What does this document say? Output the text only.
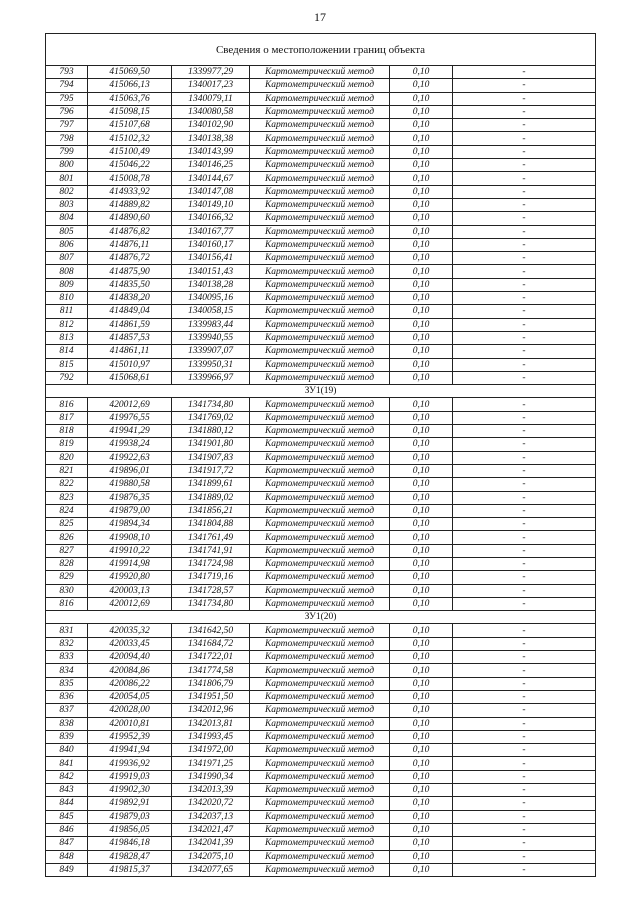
17
Сведения о местоположении границ объекта					
793	415069,50	1339977,29	Картометрический метод	0,10	-
794	415066,13	1340017,23	Картометрический метод	0,10	-
795	415063,76	1340079,11	Картометрический метод	0,10	-
796	415098,15	1340080,58	Картометрический метод	0,10	-
797	415107,68	1340102,90	Картометрический метод	0,10	-
798	415102,32	1340138,38	Картометрический метод	0,10	-
799	415100,49	1340143,99	Картометрический метод	0,10	-
800	415046,22	1340146,25	Картометрический метод	0,10	-
801	415008,78	1340144,67	Картометрический метод	0,10	-
802	414933,92	1340147,08	Картометрический метод	0,10	-
803	414889,82	1340149,10	Картометрический метод	0,10	-
804	414890,60	1340166,32	Картометрический метод	0,10	-
805	414876,82	1340167,77	Картометрический метод	0,10	-
806	414876,11	1340160,17	Картометрический метод	0,10	-
807	414876,72	1340156,41	Картометрический метод	0,10	-
808	414875,90	1340151,43	Картометрический метод	0,10	-
809	414835,50	1340138,28	Картометрический метод	0,10	-
810	414838,20	1340095,16	Картометрический метод	0,10	-
811	414849,04	1340058,15	Картометрический метод	0,10	-
812	414861,59	1339983,44	Картометрический метод	0,10	-
813	414857,53	1339940,55	Картометрический метод	0,10	-
814	414861,11	1339907,07	Картометрический метод	0,10	-
815	415010,97	1339950,31	Картометрический метод	0,10	-
792	415068,61	1339966,97	Картометрический метод	0,10	-
ЗУ1(19)					
816	420012,69	1341734,80	Картометрический метод	0,10	-
817	419976,55	1341769,02	Картометрический метод	0,10	-
818	419941,29	1341880,12	Картометрический метод	0,10	-
819	419938,24	1341901,80	Картометрический метод	0,10	-
820	419922,63	1341907,83	Картометрический метод	0,10	-
821	419896,01	1341917,72	Картометрический метод	0,10	-
822	419880,58	1341899,61	Картометрический метод	0,10	-
823	419876,35	1341889,02	Картометрический метод	0,10	-
824	419879,00	1341856,21	Картометрический метод	0,10	-
825	419894,34	1341804,88	Картометрический метод	0,10	-
826	419908,10	1341761,49	Картометрический метод	0,10	-
827	419910,22	1341741,91	Картометрический метод	0,10	-
828	419914,98	1341724,98	Картометрический метод	0,10	-
829	419920,80	1341719,16	Картометрический метод	0,10	-
830	420003,13	1341728,57	Картометрический метод	0,10	-
816	420012,69	1341734,80	Картометрический метод	0,10	-
ЗУ1(20)					
831	420035,32	1341642,50	Картометрический метод	0,10	-
832	420033,45	1341684,72	Картометрический метод	0,10	-
833	420094,40	1341722,01	Картометрический метод	0,10	-
834	420084,86	1341774,58	Картометрический метод	0,10	-
835	420086,22	1341806,79	Картометрический метод	0,10	-
836	420054,05	1341951,50	Картометрический метод	0,10	-
837	420028,00	1342012,96	Картометрический метод	0,10	-
838	420010,81	1342013,81	Картометрический метод	0,10	-
839	419952,39	1341993,45	Картометрический метод	0,10	-
840	419941,94	1341972,00	Картометрический метод	0,10	-
841	419936,92	1341971,25	Картометрический метод	0,10	-
842	419919,03	1341990,34	Картометрический метод	0,10	-
843	419902,30	1342013,39	Картометрический метод	0,10	-
844	419892,91	1342020,72	Картометрический метод	0,10	-
845	419879,03	1342037,13	Картометрический метод	0,10	-
846	419856,05	1342021,47	Картометрический метод	0,10	-
847	419846,18	1342041,39	Картометрический метод	0,10	-
848	419828,47	1342075,10	Картометрический метод	0,10	-
849	419815,37	1342077,65	Картометрический метод	0,10	-
